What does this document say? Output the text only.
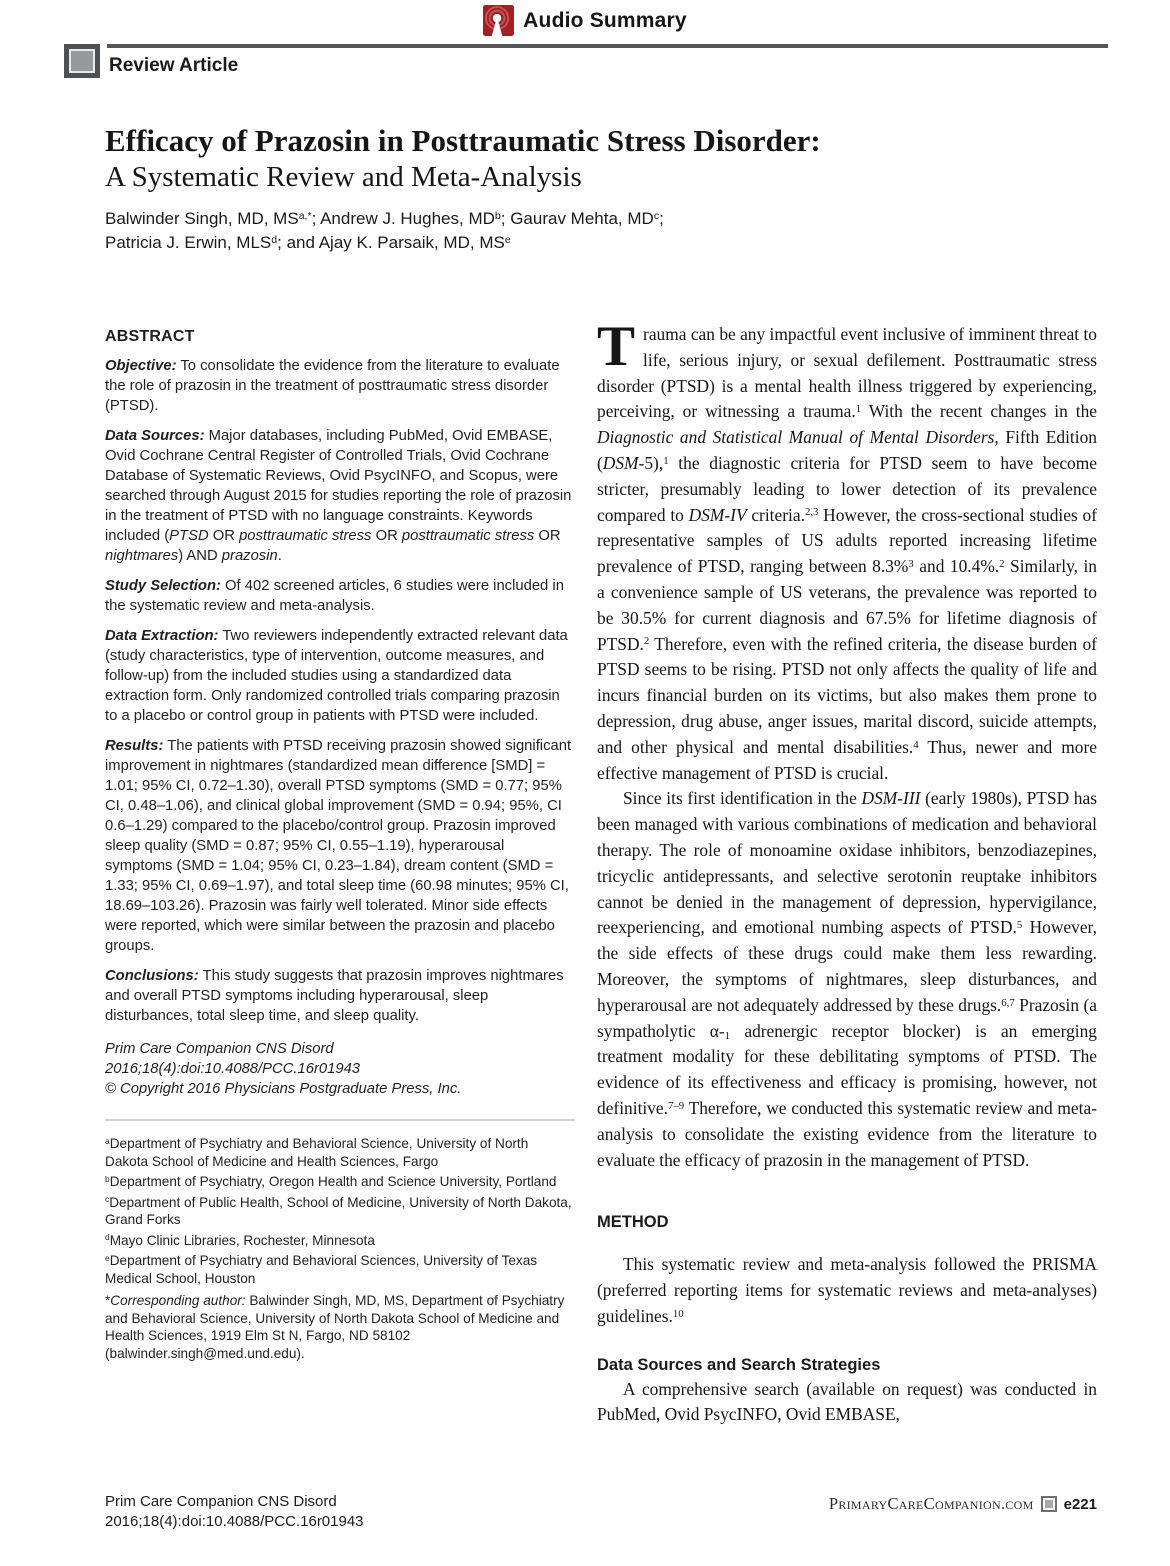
Audio Summary
Review Article
Efficacy of Prazosin in Posttraumatic Stress Disorder:
A Systematic Review and Meta-Analysis
Balwinder Singh, MD, $MS^{a,*}$; Andrew J. Hughes, $MD^b$; Gaurav Mehta, $MD^c$;
Patricia J. Erwin, MLS$^d$; and Ajay K. Parsaik, MD, $MS^e$
ABSTRACT

Objective: To consolidate the evidence from the literature to evaluate the role of prazosin in the treatment of posttraumatic stress disorder (PTSD).

Data Sources: Major databases, including PubMed, Ovid EMBASE, Ovid Cochrane Central Register of Controlled Trials, Ovid Cochrane Database of Systematic Reviews, Ovid PsycINFO, and Scopus, were searched through August 2015 for studies reporting the role of prazosin in the treatment of PTSD with no language constraints. Keywords included (PTSD OR posttraumatic stress OR posttraumatic stress OR nightmares) AND prazosin.

Study Selection: Of 402 screened articles, 6 studies were included in the systematic review and meta-analysis.

Data Extraction: Two reviewers independently extracted relevant data (study characteristics, type of intervention, outcome measures, and follow-up) from the included studies using a standardized data extraction form. Only randomized controlled trials comparing prazosin to a placebo or control group in patients with PTSD were included.

Results: The patients with PTSD receiving prazosin showed significant improvement in nightmares (standardized mean difference [SMD] = 1.01; 95% CI, 0.72–1.30), overall PTSD symptoms (SMD = 0.77; 95% CI, 0.48–1.06), and clinical global improvement (SMD = 0.94; 95%, CI 0.6–1.29) compared to the placebo/control group. Prazosin improved sleep quality (SMD = 0.87; 95% CI, 0.55–1.19), hyperarousal symptoms (SMD = 1.04; 95% CI, 0.23–1.84), dream content (SMD = 1.33; 95% CI, 0.69–1.97), and total sleep time (60.98 minutes; 95% CI, 18.69–103.26). Prazosin was fairly well tolerated. Minor side effects were reported, which were similar between the prazosin and placebo groups.

Conclusions: This study suggests that prazosin improves nightmares and overall PTSD symptoms including hyperarousal, sleep disturbances, total sleep time, and sleep quality.

Prim Care Companion CNS Disord
2016;18(4):doi:10.4088/PCC.16r01943
© Copyright 2016 Physicians Postgraduate Press, Inc.

$^a$Department of Psychiatry and Behavioral Science, University of North Dakota School of Medicine and Health Sciences, Fargo

$^b$Department of Psychiatry, Oregon Health and Science University, Portland

$^c$Department of Public Health, School of Medicine, University of North Dakota, Grand Forks

$^d$Mayo Clinic Libraries, Rochester, Minnesota

$^e$Department of Psychiatry and Behavioral Sciences, University of Texas Medical School, Houston

*Corresponding author: Balwinder Singh, MD, MS, Department of Psychiatry and Behavioral Science, University of North Dakota School of Medicine and Health Sciences, 1919 Elm St N, Fargo, ND 58102 (balwinder.singh@med.und.edu).

Trauma can be any impactful event inclusive of imminent threat to life, serious injury, or sexual defilement. Posttraumatic stress disorder (PTSD) is a mental health illness triggered by experiencing, perceiving, or witnessing a trauma.$^1$ With the recent changes in the Diagnostic and Statistical Manual of Mental Disorders, Fifth Edition (DSM-5),$^1$ the diagnostic criteria for PTSD seem to have become stricter, presumably leading to lower detection of its prevalence compared to DSM-IV criteria.$^{2,3}$ However, the cross-sectional studies of representative samples of US adults reported increasing lifetime prevalence of PTSD, ranging between 8.3%$^3$ and 10.4%.$^2$ Similarly, in a convenience sample of US veterans, the prevalence was reported to be 30.5% for current diagnosis and 67.5% for lifetime diagnosis of PTSD.$^2$ Therefore, even with the refined criteria, the disease burden of PTSD seems to be rising. PTSD not only affects the quality of life and incurs financial burden on its victims, but also makes them prone to depression, drug abuse, anger issues, marital discord, suicide attempts, and other physical and mental disabilities.$^4$ Thus, newer and more effective management of PTSD is crucial.

Since its first identification in the DSM-III (early 1980s), PTSD has been managed with various combinations of medication and behavioral therapy. The role of monoamine oxidase inhibitors, benzodiazepines, tricyclic antidepressants, and selective serotonin reuptake inhibitors cannot be denied in the management of depression, hypervigilance, reexperiencing, and emotional numbing aspects of PTSD.$^5$ However, the side effects of these drugs could make them less rewarding. Moreover, the symptoms of nightmares, sleep disturbances, and hyperarousal are not adequately addressed by these drugs.$^{6,7}$ Prazosin (a sympatholytic $\alpha-_1$ adrenergic receptor blocker) is an emerging treatment modality for these debilitating symptoms of PTSD. The evidence of its effectiveness and efficacy is promising, however, not definitive.$^{7-9}$ Therefore, we conducted this systematic review and meta-analysis to consolidate the existing evidence from the literature to evaluate the efficacy of prazosin in the management of PTSD.

METHOD

This systematic review and meta-analysis followed the PRISMA (preferred reporting items for systematic reviews and meta-analyses) guidelines.$^{10}$

Data Sources and Search Strategies

A comprehensive search (available on request) was conducted in PubMed, Ovid PsycINFO, Ovid EMBASE,

Prim Care Companion CNS Disord
2016;18(4):doi:10.4088/PCC.16r01943
PrimaryCareCompanion.com e221
